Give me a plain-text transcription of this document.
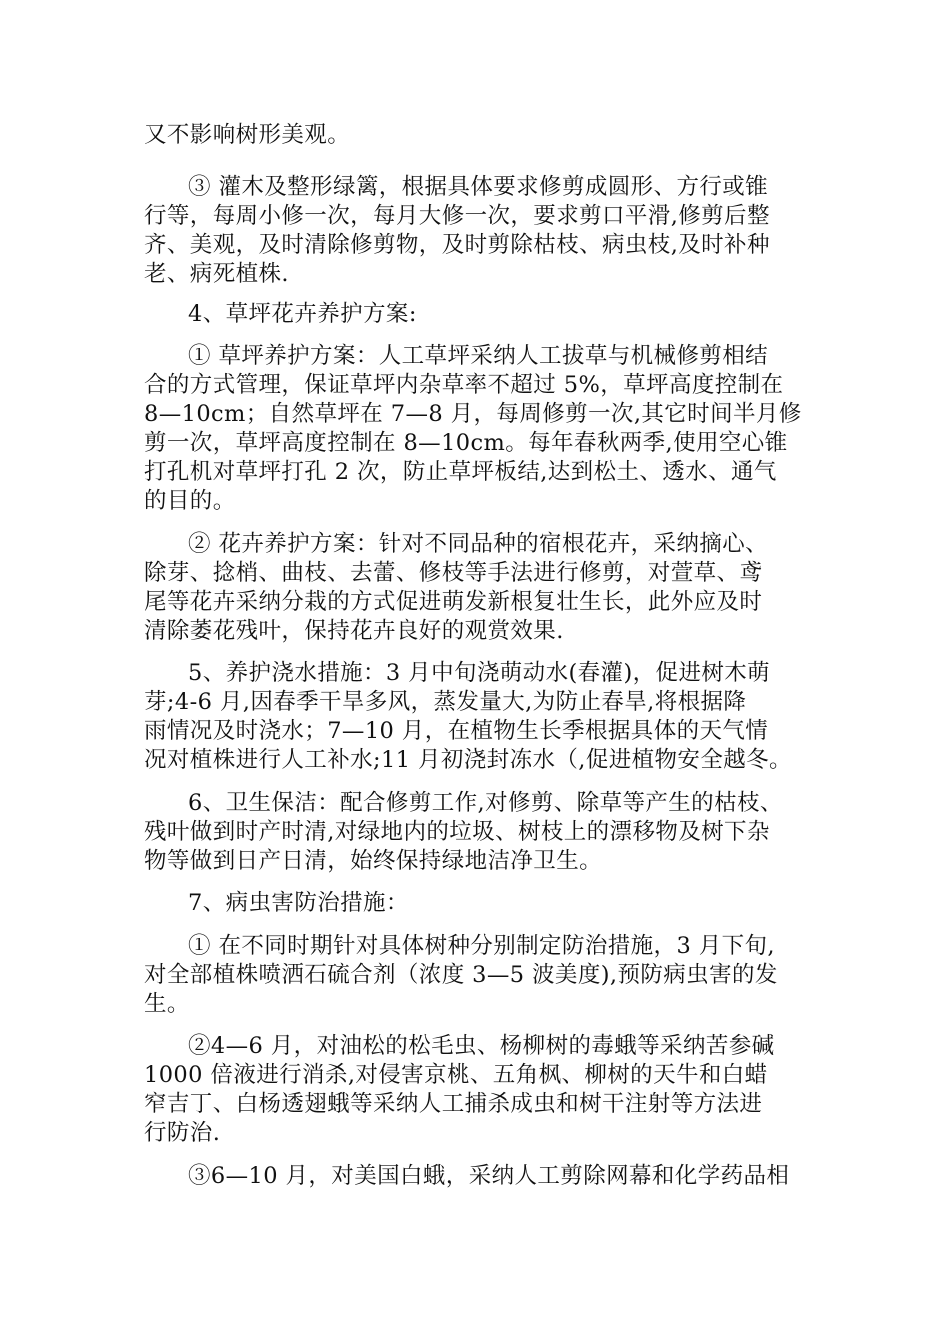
又不影响树形美观。
③ 灌木及整形绿篱，根据具体要求修剪成圆形、方行或锥
行等，每周小修一次，每月大修一次，要求剪口平滑,修剪后整
齐、美观，及时清除修剪物，及时剪除枯枝、病虫枝,及时补种
老、病死植株.
4、草坪花卉养护方案:
① 草坪养护方案：人工草坪采纳人工拔草与机械修剪相结
合的方式管理，保证草坪内杂草率不超过 5%，草坪高度控制在
8—10cm；自然草坪在 7—8 月，每周修剪一次,其它时间半月修
剪一次，草坪高度控制在 8—10cm。每年春秋两季,使用空心锥
打孔机对草坪打孔 2 次，防止草坪板结,达到松土、透水、通气
的目的。
② 花卉养护方案：针对不同品种的宿根花卉，采纳摘心、
除芽、捻梢、曲枝、去蕾、修枝等手法进行修剪，对萱草、鸢
尾等花卉采纳分栽的方式促进萌发新根复壮生长，此外应及时
清除萎花残叶，保持花卉良好的观赏效果.
5、养护浇水措施：3 月中旬浇萌动水(春灌)，促进树木萌
芽;4-6 月,因春季干旱多风，蒸发量大,为防止春旱,将根据降
雨情况及时浇水；7—10 月，在植物生长季根据具体的天气情
况对植株进行人工补水;11 月初浇封冻水（,促进植物安全越冬。
6、卫生保洁：配合修剪工作,对修剪、除草等产生的枯枝、
残叶做到时产时清,对绿地内的垃圾、树枝上的漂移物及树下杂
物等做到日产日清，始终保持绿地洁净卫生。
7、病虫害防治措施：
① 在不同时期针对具体树种分别制定防治措施，3 月下旬,
对全部植株喷洒石硫合剂（浓度 3—5 波美度),预防病虫害的发
生。
②4—6 月，对油松的松毛虫、杨柳树的毒蛾等采纳苦参碱
1000 倍液进行消杀,对侵害京桃、五角枫、柳树的天牛和白蜡
窄吉丁、白杨透翅蛾等采纳人工捕杀成虫和树干注射等方法进
行防治.
③6—10 月，对美国白蛾，采纳人工剪除网幕和化学药品相
